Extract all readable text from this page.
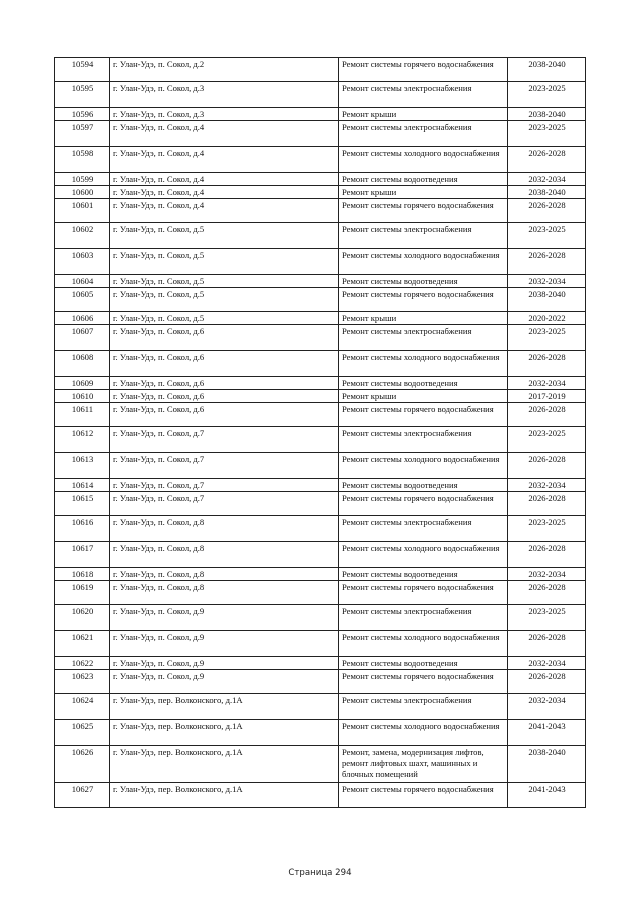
10594	г. Улан-Удэ, п. Сокол, д.2	Ремонт системы горячего водоснабжения	2038-2040
10595	г. Улан-Удэ, п. Сокол, д.3	Ремонт системы электроснабжения	2023-2025
10596	г. Улан-Удэ, п. Сокол, д.3	Ремонт крыши	2038-2040
10597	г. Улан-Удэ, п. Сокол, д.4	Ремонт системы электроснабжения	2023-2025
10598	г. Улан-Удэ, п. Сокол, д.4	Ремонт системы холодного водоснабжения	2026-2028
10599	г. Улан-Удэ, п. Сокол, д.4	Ремонт системы водоотведения	2032-2034
10600	г. Улан-Удэ, п. Сокол, д.4	Ремонт крыши	2038-2040
10601	г. Улан-Удэ, п. Сокол, д.4	Ремонт системы горячего водоснабжения	2026-2028
10602	г. Улан-Удэ, п. Сокол, д.5	Ремонт системы электроснабжения	2023-2025
10603	г. Улан-Удэ, п. Сокол, д.5	Ремонт системы холодного водоснабжения	2026-2028
10604	г. Улан-Удэ, п. Сокол, д.5	Ремонт системы водоотведения	2032-2034
10605	г. Улан-Удэ, п. Сокол, д.5	Ремонт системы горячего водоснабжения	2038-2040
10606	г. Улан-Удэ, п. Сокол, д.5	Ремонт крыши	2020-2022
10607	г. Улан-Удэ, п. Сокол, д.6	Ремонт системы электроснабжения	2023-2025
10608	г. Улан-Удэ, п. Сокол, д.6	Ремонт системы холодного водоснабжения	2026-2028
10609	г. Улан-Удэ, п. Сокол, д.6	Ремонт системы водоотведения	2032-2034
10610	г. Улан-Удэ, п. Сокол, д.6	Ремонт крыши	2017-2019
10611	г. Улан-Удэ, п. Сокол, д.6	Ремонт системы горячего водоснабжения	2026-2028
10612	г. Улан-Удэ, п. Сокол, д.7	Ремонт системы электроснабжения	2023-2025
10613	г. Улан-Удэ, п. Сокол, д.7	Ремонт системы холодного водоснабжения	2026-2028
10614	г. Улан-Удэ, п. Сокол, д.7	Ремонт системы водоотведения	2032-2034
10615	г. Улан-Удэ, п. Сокол, д.7	Ремонт системы горячего водоснабжения	2026-2028
10616	г. Улан-Удэ, п. Сокол, д.8	Ремонт системы электроснабжения	2023-2025
10617	г. Улан-Удэ, п. Сокол, д.8	Ремонт системы холодного водоснабжения	2026-2028
10618	г. Улан-Удэ, п. Сокол, д.8	Ремонт системы водоотведения	2032-2034
10619	г. Улан-Удэ, п. Сокол, д.8	Ремонт системы горячего водоснабжения	2026-2028
10620	г. Улан-Удэ, п. Сокол, д.9	Ремонт системы электроснабжения	2023-2025
10621	г. Улан-Удэ, п. Сокол, д.9	Ремонт системы холодного водоснабжения	2026-2028
10622	г. Улан-Удэ, п. Сокол, д.9	Ремонт системы водоотведения	2032-2034
10623	г. Улан-Удэ, п. Сокол, д.9	Ремонт системы горячего водоснабжения	2026-2028
10624	г. Улан-Удэ, пер. Волконского, д.1А	Ремонт системы электроснабжения	2032-2034
10625	г. Улан-Удэ, пер. Волконского, д.1А	Ремонт системы холодного водоснабжения	2041-2043
10626	г. Улан-Удэ, пер. Волконского, д.1А	Ремонт, замена, модернизация лифтов, ремонт лифтовых шахт, машинных и блочных помещений	2038-2040
10627	г. Улан-Удэ, пер. Волконского, д.1А	Ремонт системы горячего водоснабжения	2041-2043
Страница 294
